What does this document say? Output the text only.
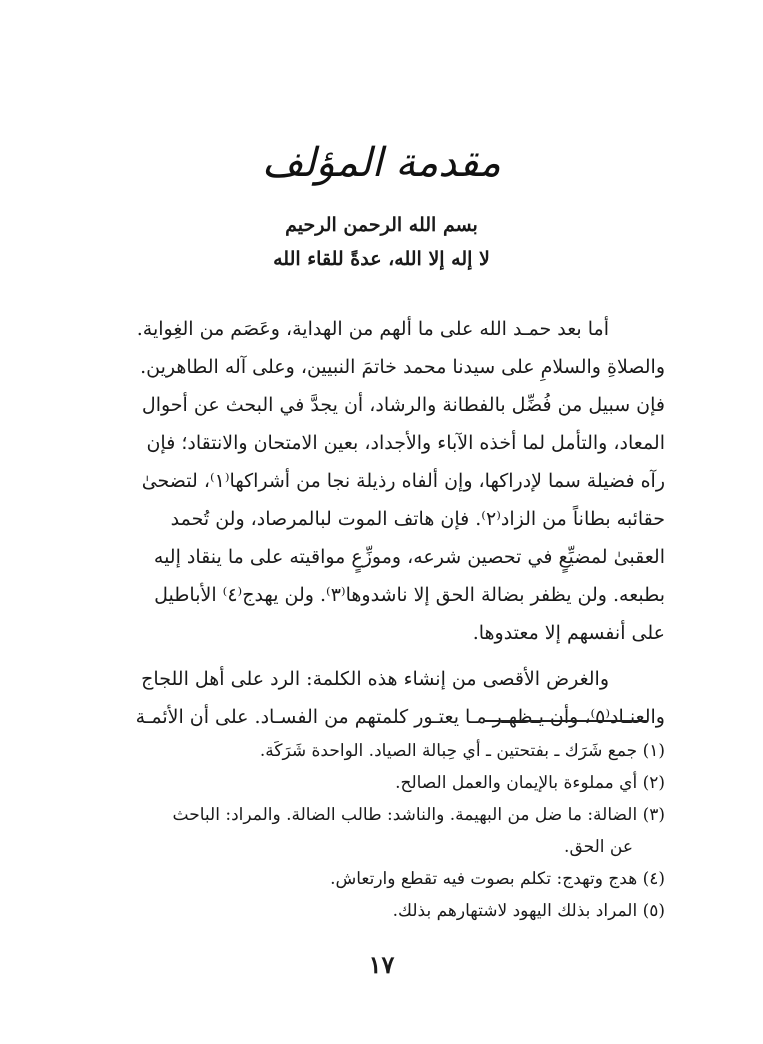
مقدمة المؤلف
بسم الله الرحمن الرحيم
لا إله إلا الله، عدةً للقاء الله
أما بعد حمـد الله على ما ألهم من الهداية، وعَصَم من الغِواية.
والصلاةِ والسلامِ على سيدنا محمد خاتمَ النبيين، وعلى آله الطاهرين.
فإن سبيل من فُضِّل بالفطانة والرشاد، أن يجدَّ في البحث عن أحوال
المعاد، والتأمل لما أخذه الآباء والأجداد، بعين الامتحان والانتقاد؛ فإن
رآه فضيلة سما لإدراكها، وإن ألفاه رذيلة نجا من أشراكها⁽١⁾، لتضحىٰ
حقائبه بطاناً من الزاد⁽٢⁾. فإن هاتف الموت لبالمرصاد، ولن تُحمد
العقبىٰ لمضيِّعٍ في تحصين شرعه، وموزِّعٍ مواقيته على ما ينقاد إليه
بطبعه. ولن يظفر بضالة الحق إلا ناشدوها⁽٣⁾. ولن يهدج⁽٤⁾ الأباطيل
على أنفسهم إلا معتدوها.
والغرض الأقصى من إنشاء هذه الكلمة: الرد على أهل اللجاج
والعنـاد⁽٥⁾، وأن يـظهـر مـا يعتـور كلمتهم من الفسـاد. على أن الأئمـة
(١) جمع شَرَك ـ بفتحتين ـ أي حِبالة الصياد. الواحدة شَرَكَة.
(٢) أي مملوءة بالإيمان والعمل الصالح.
(٣) الضالة: ما ضل من البهيمة. والناشد: طالب الضالة. والمراد: الباحث
عن الحق.
(٤) هدج وتهدج: تكلم بصوت فيه تقطع وارتعاش.
(٥) المراد بذلك اليهود لاشتهارهم بذلك.
١٧
